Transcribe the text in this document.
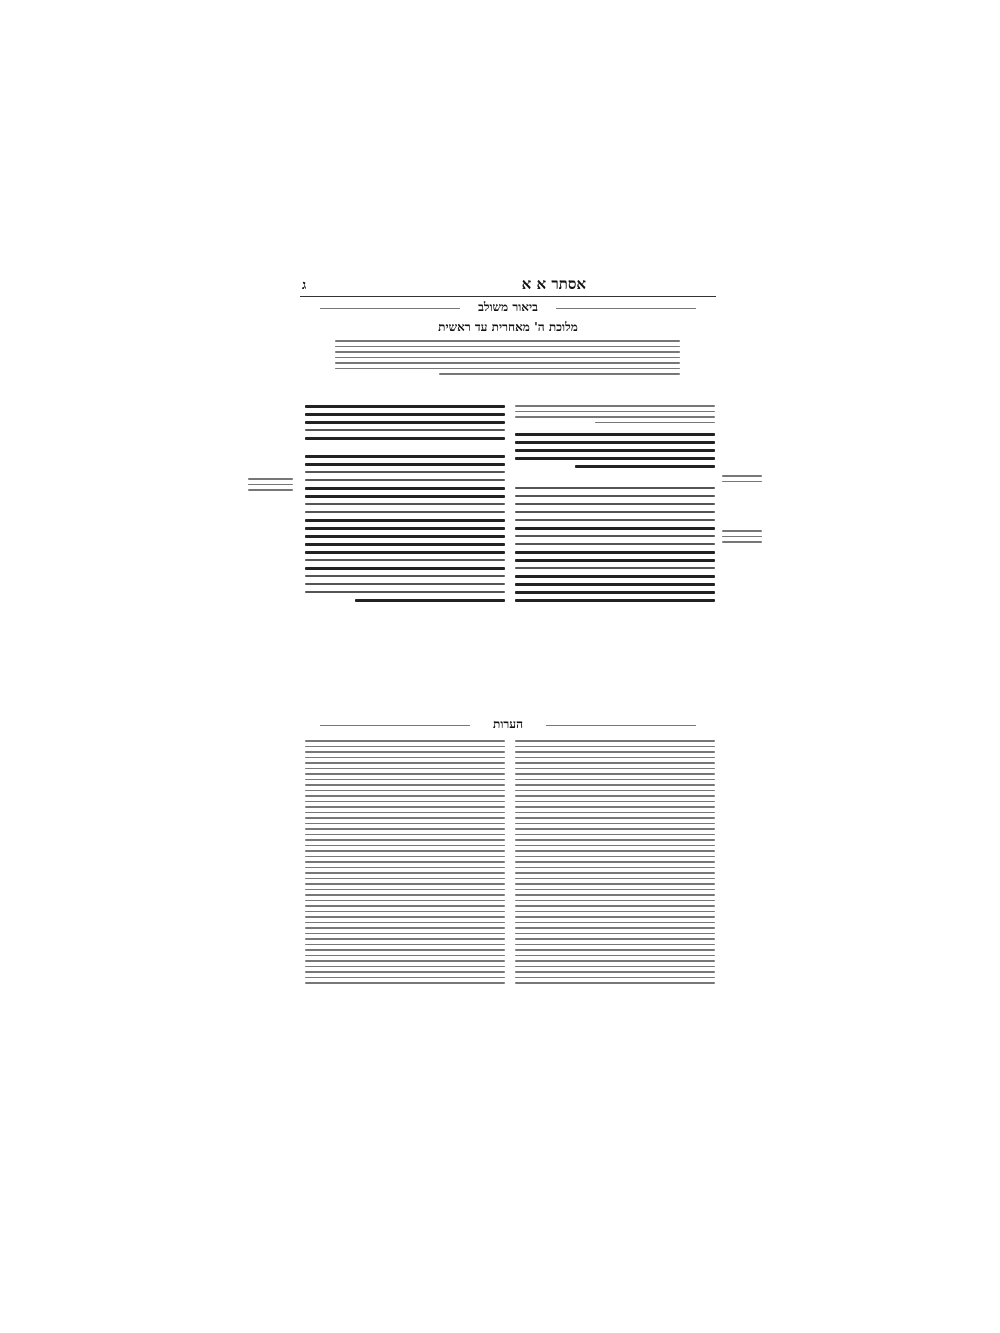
ג	אסתר א א
ביאור משולב
מלוכת ה' מאחרית עד ראשית
הערות
